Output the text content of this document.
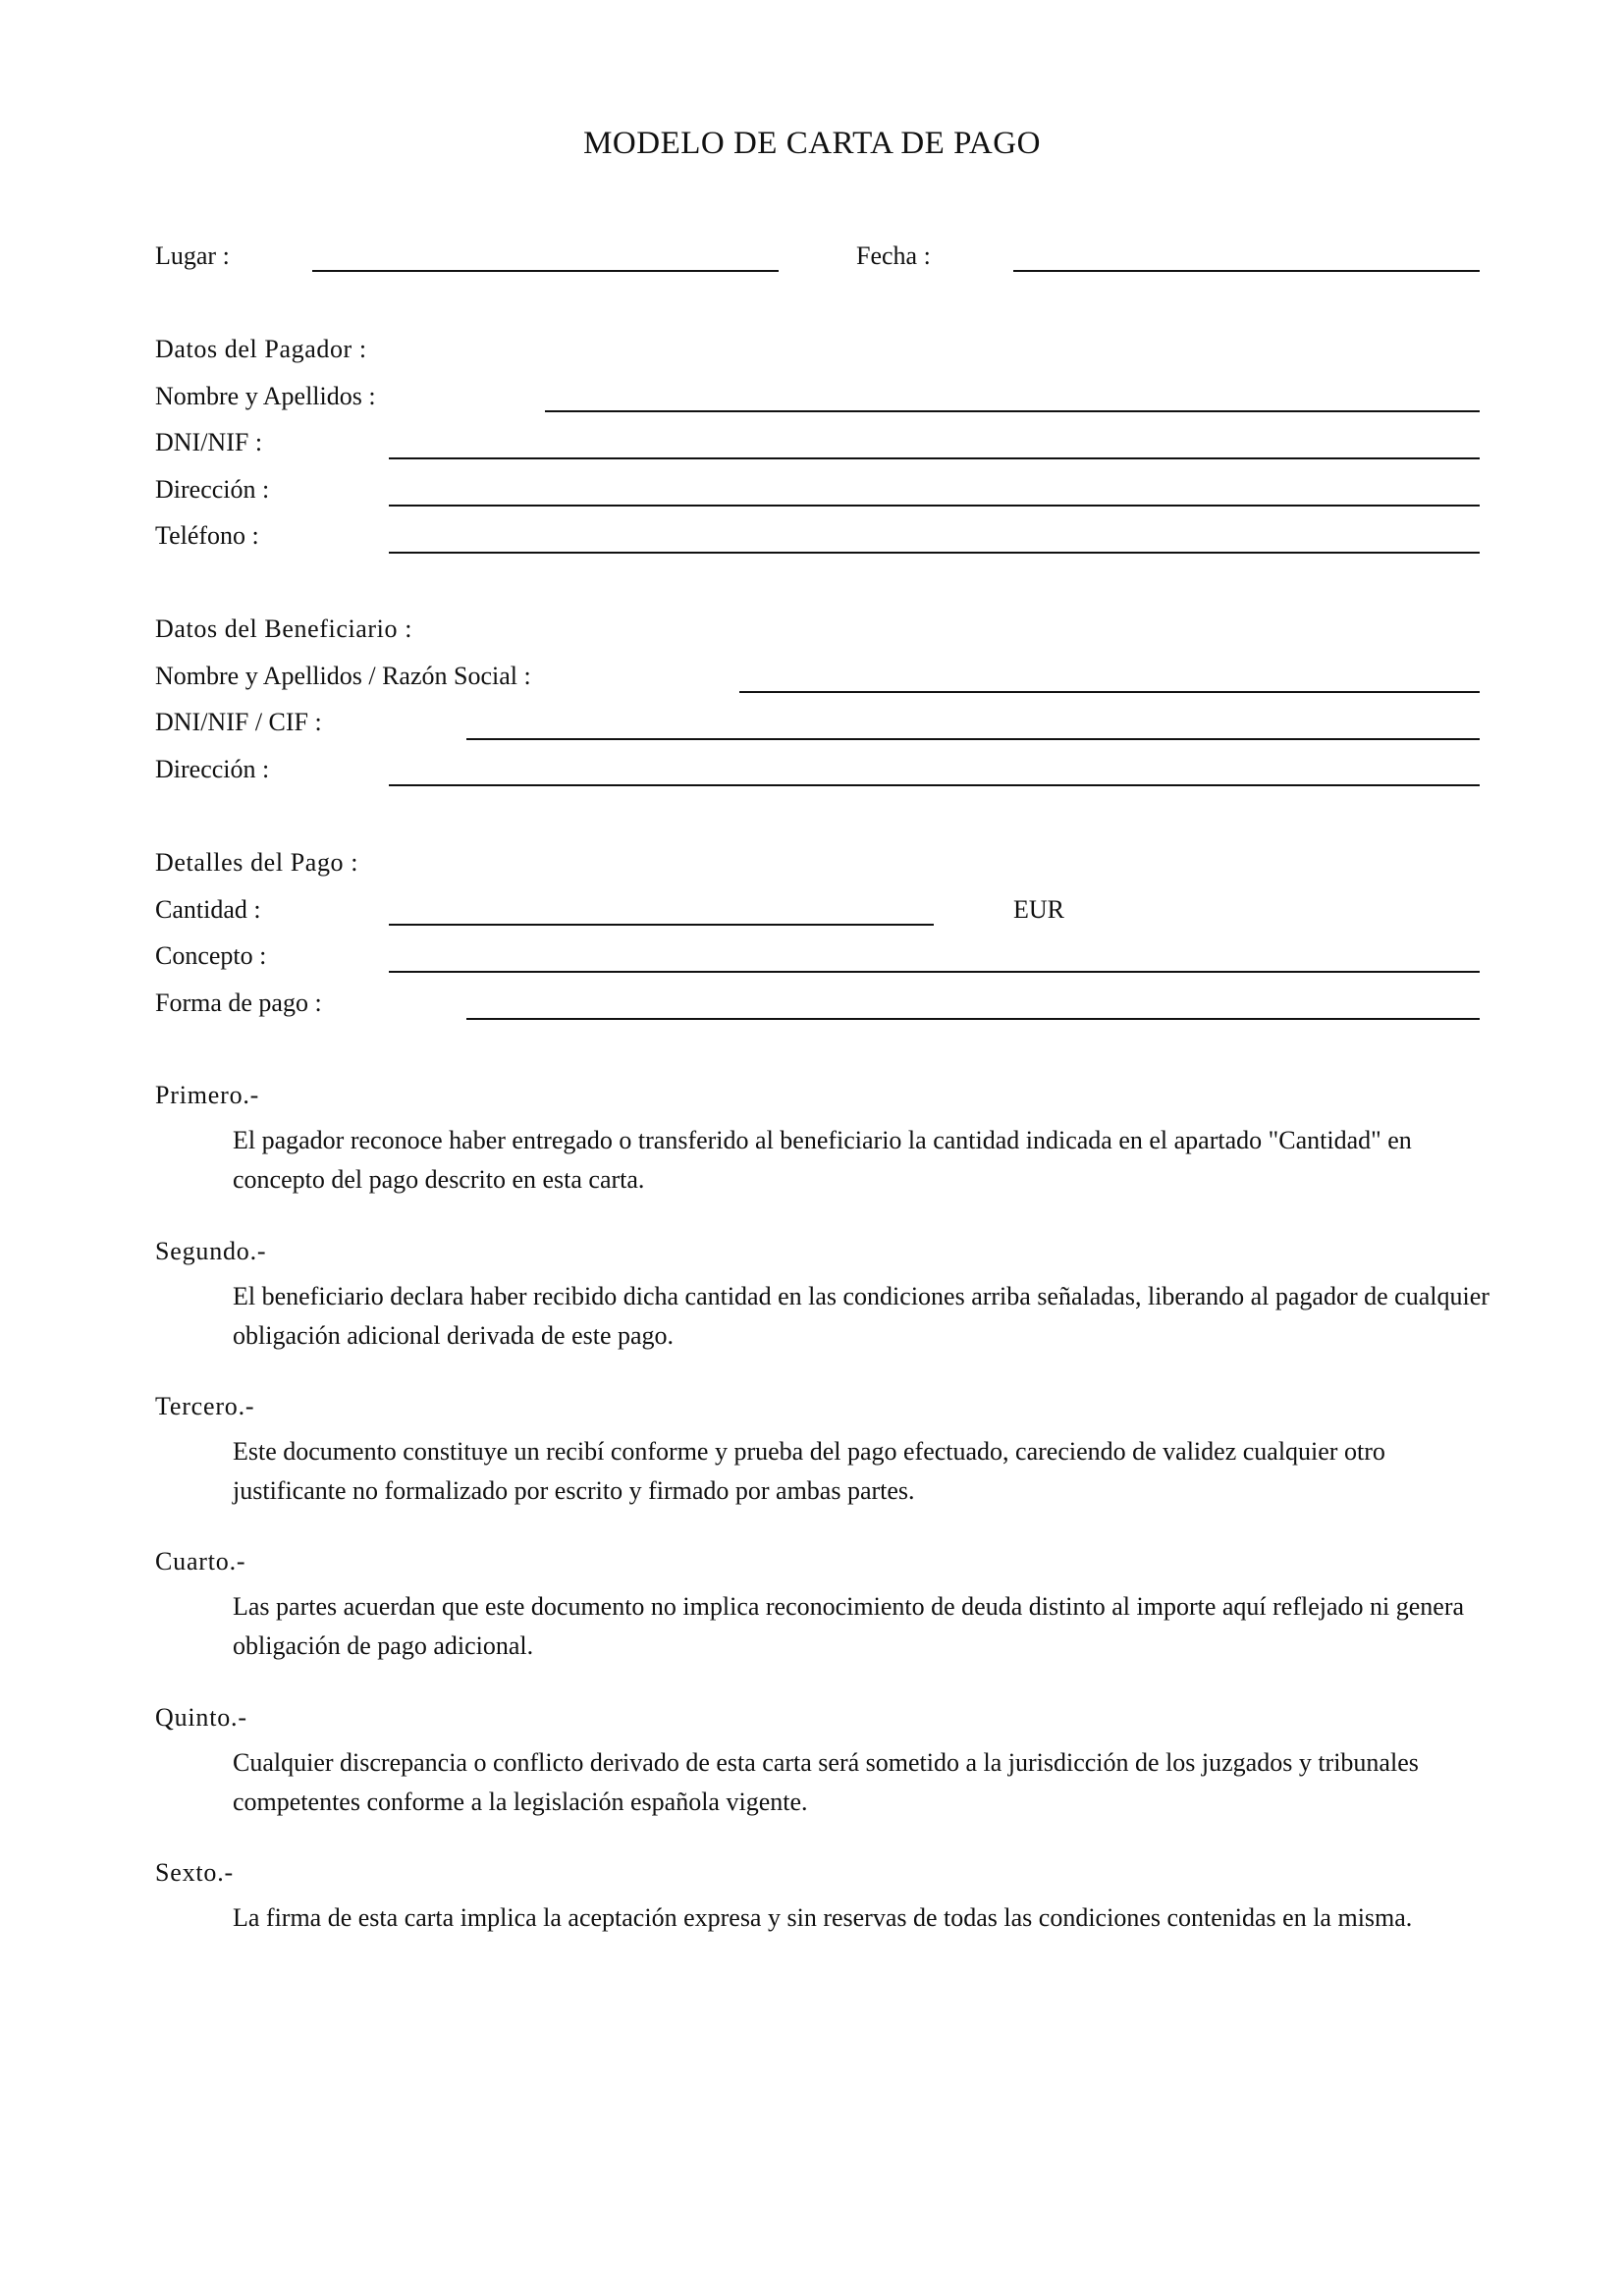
MODELO DE CARTA DE PAGO
Lugar :	Fecha :
Datos del Pagador :
Nombre y Apellidos :
DNI/NIF :
Dirección :
Teléfono :
Datos del Beneficiario :
Nombre y Apellidos / Razón Social :
DNI/NIF / CIF :
Dirección :
Detalles del Pago :
Cantidad :	EUR
Concepto :
Forma de pago :
Primero.-
El pagador reconoce haber entregado o transferido al beneficiario la cantidad indicada en el apartado "Cantidad" en concepto del pago descrito en esta carta.
Segundo.-
El beneficiario declara haber recibido dicha cantidad en las condiciones arriba señaladas, liberando al pagador de cualquier obligación adicional derivada de este pago.
Tercero.-
Este documento constituye un recibí conforme y prueba del pago efectuado, careciendo de validez cualquier otro justificante no formalizado por escrito y firmado por ambas partes.
Cuarto.-
Las partes acuerdan que este documento no implica reconocimiento de deuda distinto al importe aquí reflejado ni genera obligación de pago adicional.
Quinto.-
Cualquier discrepancia o conflicto derivado de esta carta será sometido a la jurisdicción de los juzgados y tribunales competentes conforme a la legislación española vigente.
Sexto.-
La firma de esta carta implica la aceptación expresa y sin reservas de todas las condiciones contenidas en la misma.
